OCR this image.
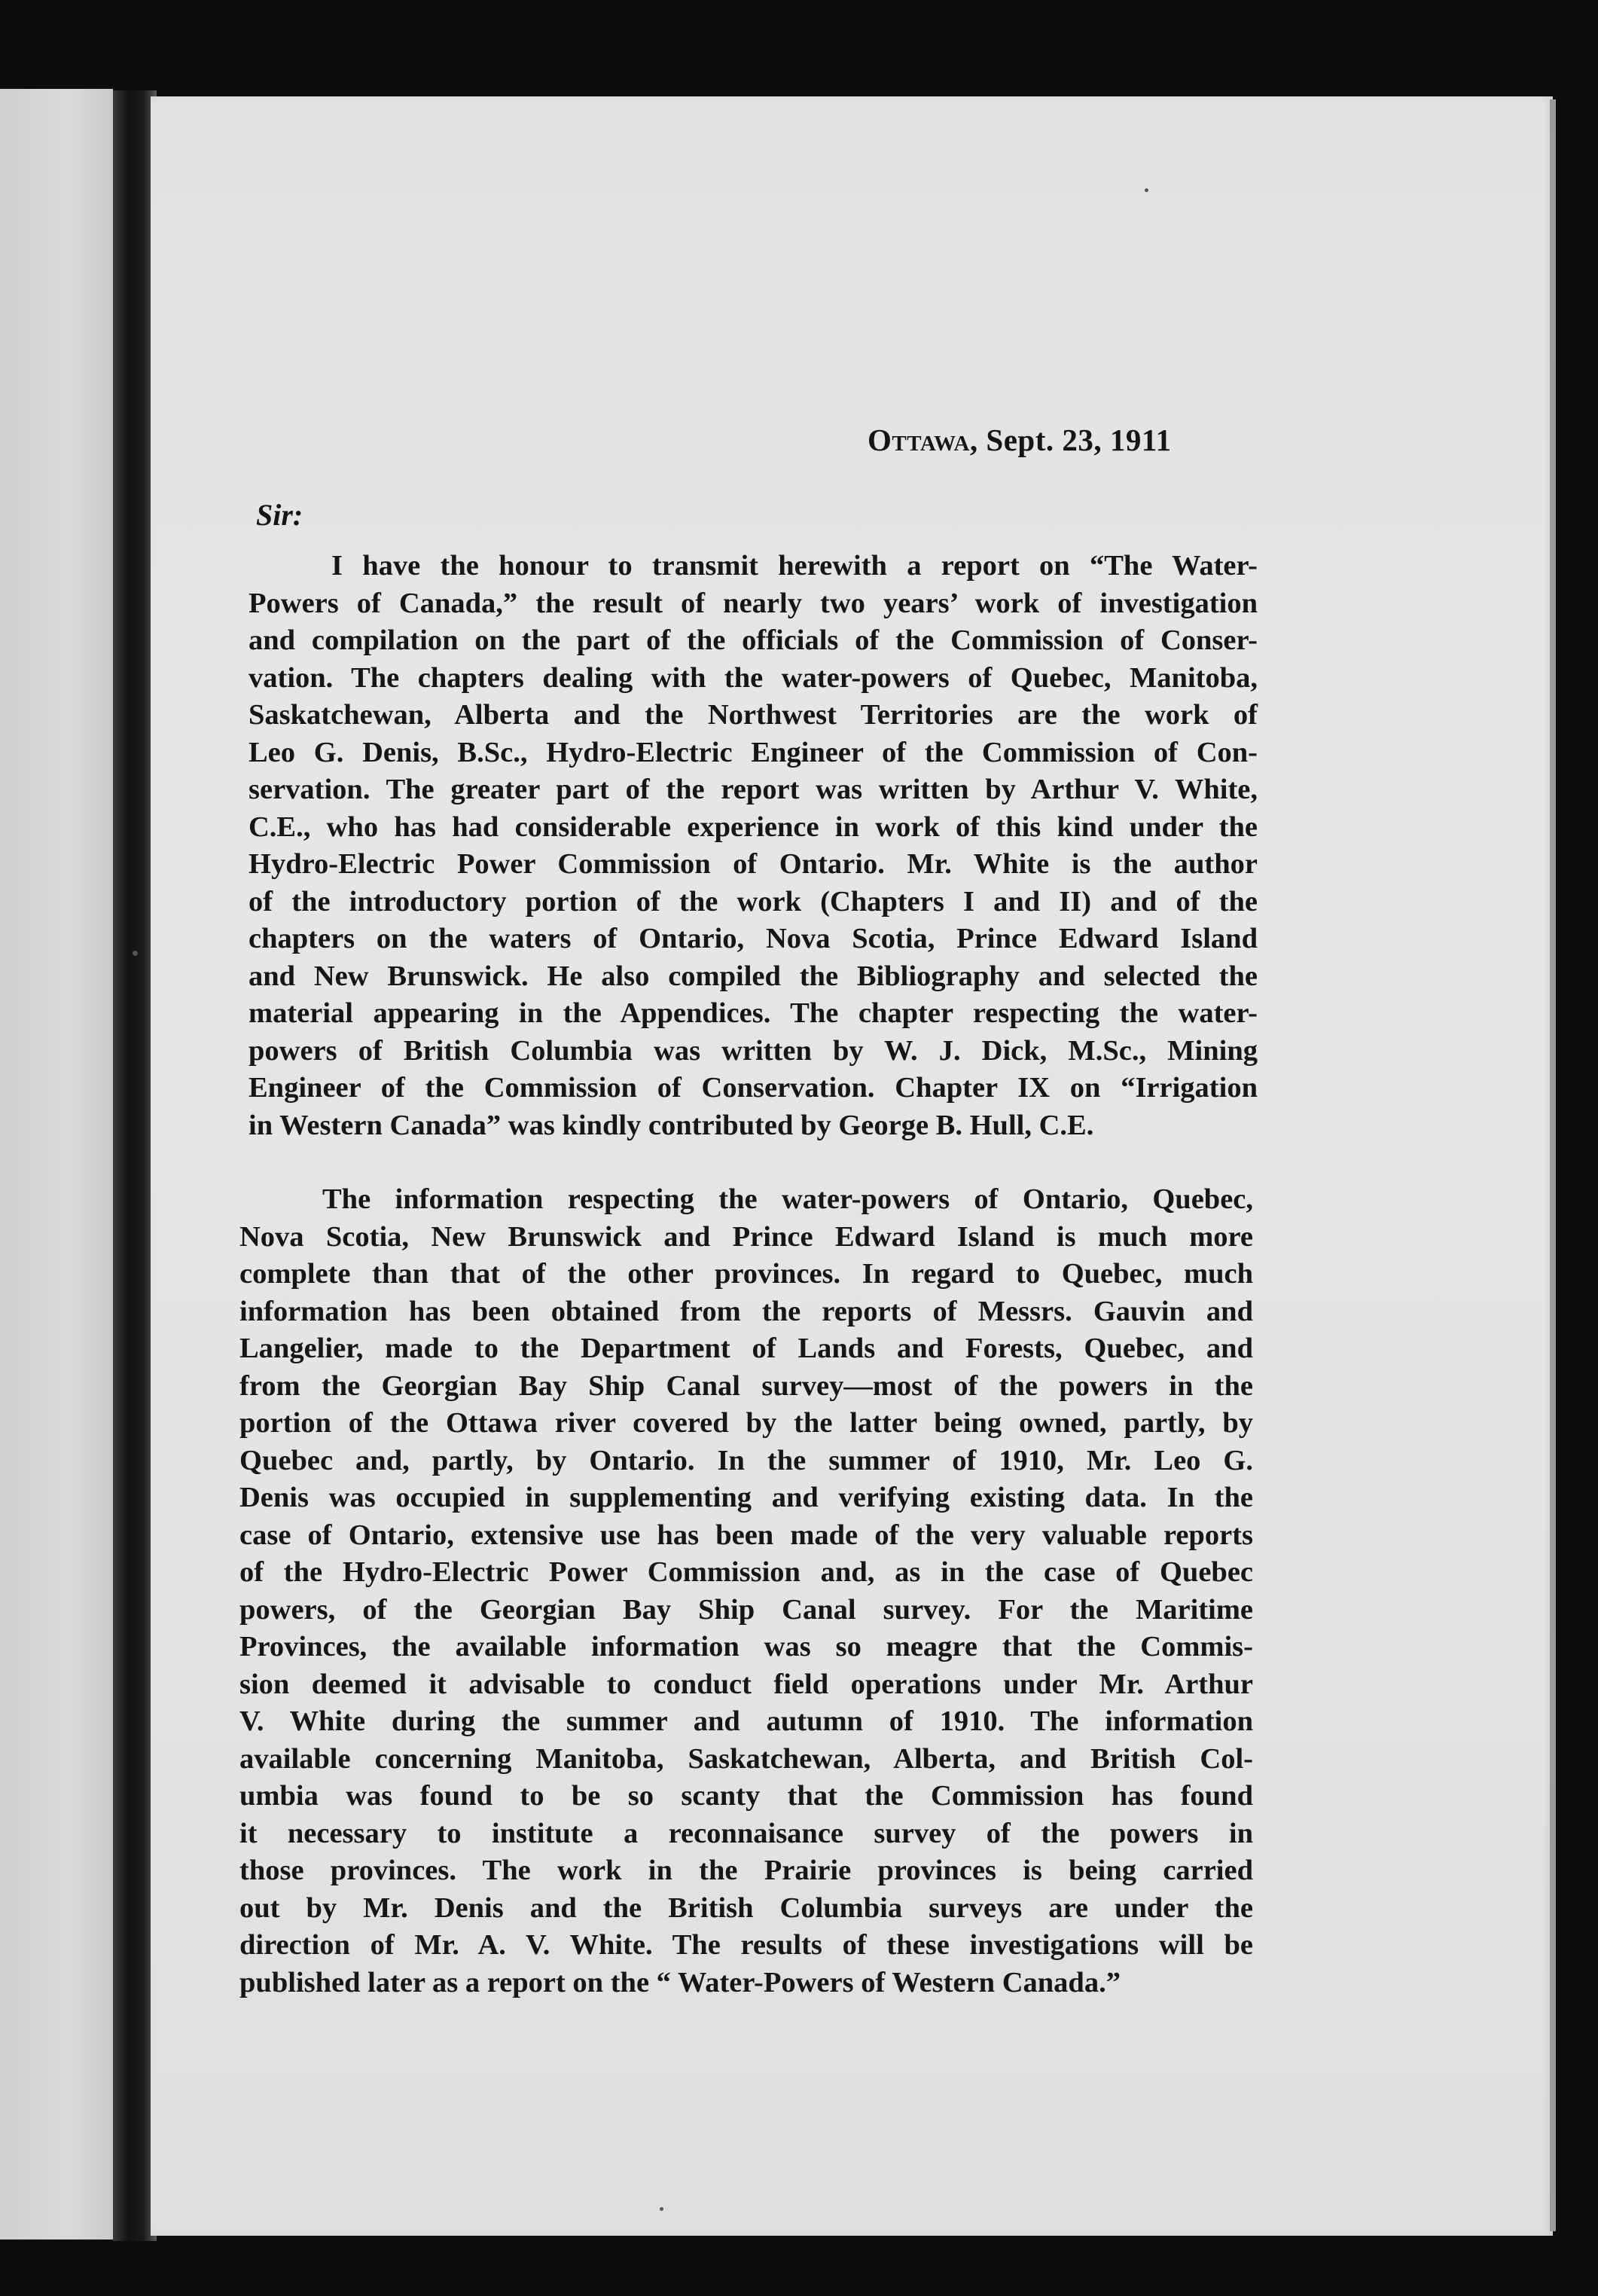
Ottawa, Sept. 23, 1911
Sir:
I have the honour to transmit herewith a report on “The Water-
Powers of Canada,” the result of nearly two years’ work of investigation
and compilation on the part of the officials of the Commission of Conser-
vation. The chapters dealing with the water-powers of Quebec, Manitoba,
Saskatchewan, Alberta and the Northwest Territories are the work of
Leo G. Denis, B.Sc., Hydro-Electric Engineer of the Commission of Con-
servation. The greater part of the report was written by Arthur V. White,
C.E., who has had considerable experience in work of this kind under the
Hydro-Electric Power Commission of Ontario. Mr. White is the author
of the introductory portion of the work (Chapters I and II) and of the
chapters on the waters of Ontario, Nova Scotia, Prince Edward Island
and New Brunswick. He also compiled the Bibliography and selected the
material appearing in the Appendices. The chapter respecting the water-
powers of British Columbia was written by W. J. Dick, M.Sc., Mining
Engineer of the Commission of Conservation. Chapter IX on “Irrigation
in Western Canada” was kindly contributed by George B. Hull, C.E.
The information respecting the water-powers of Ontario, Quebec,
Nova Scotia, New Brunswick and Prince Edward Island is much more
complete than that of the other provinces. In regard to Quebec, much
information has been obtained from the reports of Messrs. Gauvin and
Langelier, made to the Department of Lands and Forests, Quebec, and
from the Georgian Bay Ship Canal survey—most of the powers in the
portion of the Ottawa river covered by the latter being owned, partly, by
Quebec and, partly, by Ontario. In the summer of 1910, Mr. Leo G.
Denis was occupied in supplementing and verifying existing data. In the
case of Ontario, extensive use has been made of the very valuable reports
of the Hydro-Electric Power Commission and, as in the case of Quebec
powers, of the Georgian Bay Ship Canal survey. For the Maritime
Provinces, the available information was so meagre that the Commis-
sion deemed it advisable to conduct field operations under Mr. Arthur
V. White during the summer and autumn of 1910. The information
available concerning Manitoba, Saskatchewan, Alberta, and British Col-
umbia was found to be so scanty that the Commission has found
it necessary to institute a reconnaisance survey of the powers in
those provinces. The work in the Prairie provinces is being carried
out by Mr. Denis and the British Columbia surveys are under the
direction of Mr. A. V. White. The results of these investigations will be
published later as a report on the “ Water-Powers of Western Canada.”
